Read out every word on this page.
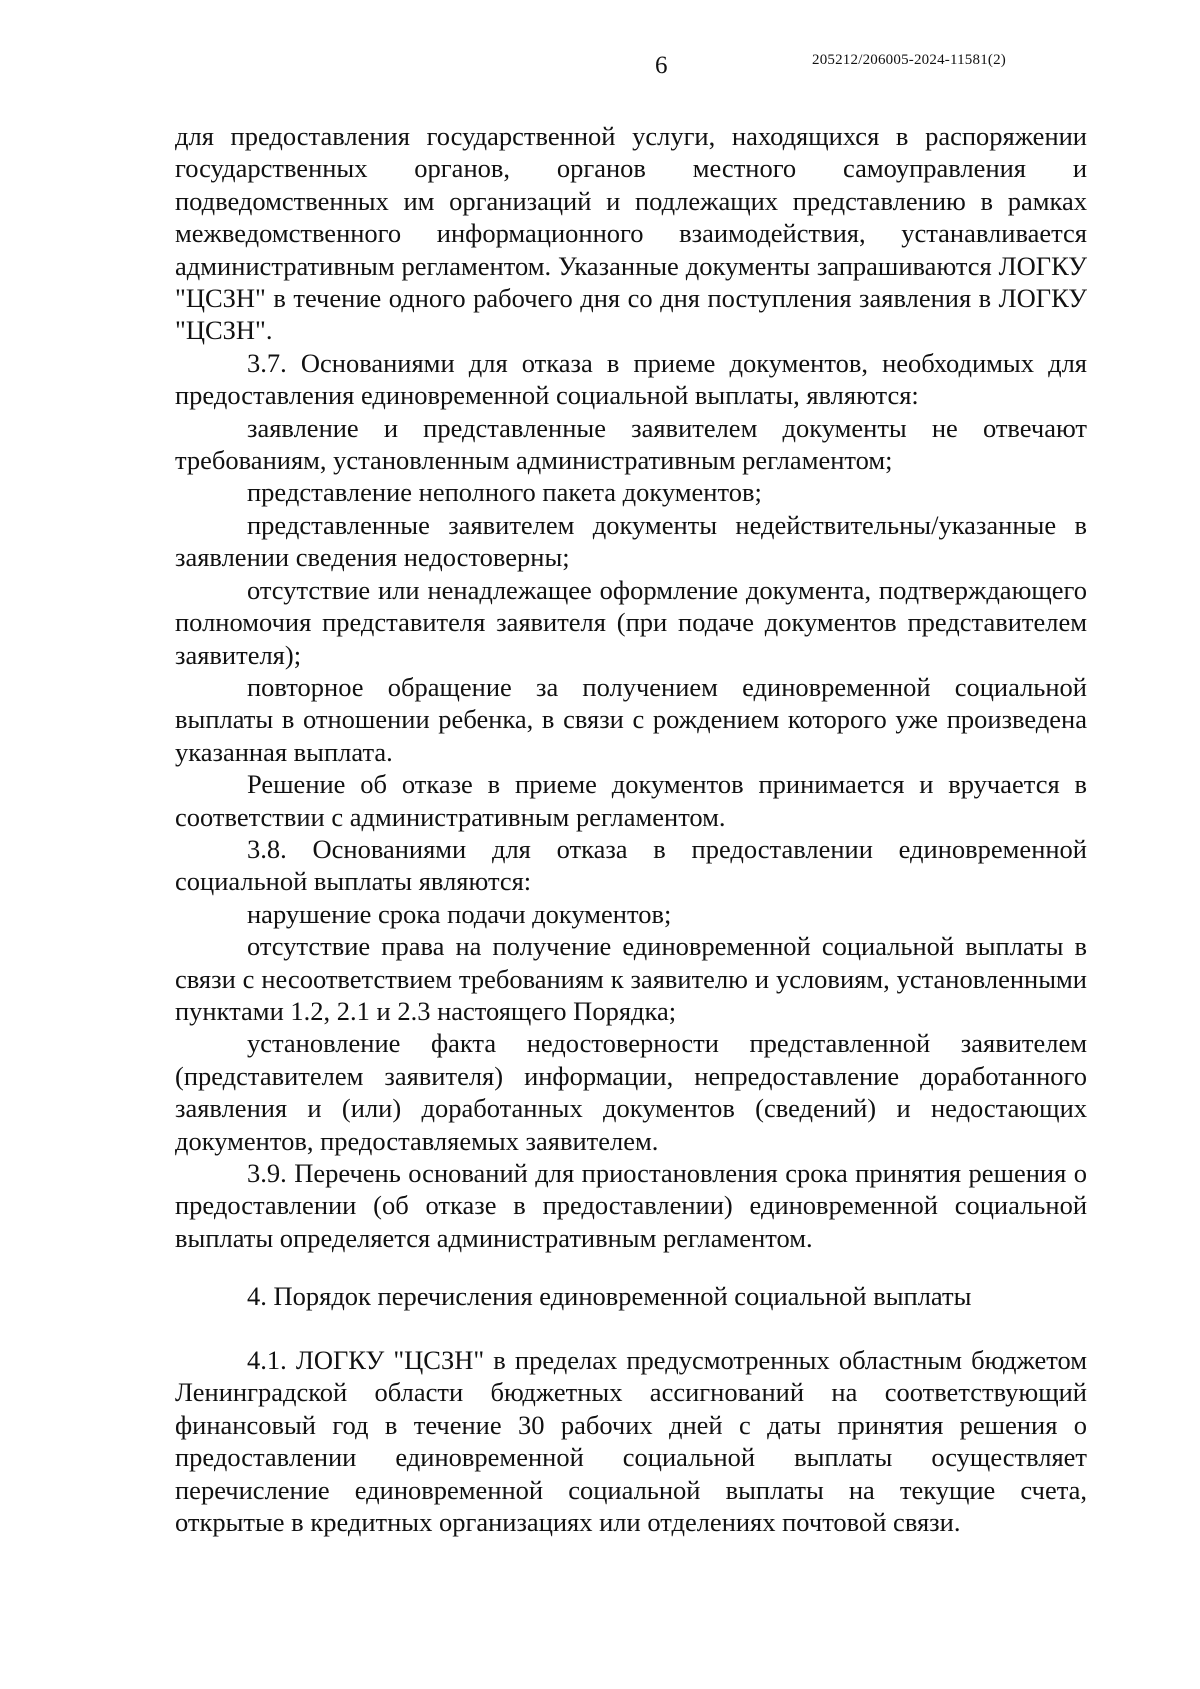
6	205212/206005-2024-11581(2)

для предоставления государственной услуги, находящихся в распоряжении государственных органов, органов местного самоуправления и подведомственных им организаций и подлежащих представлению в рамках межведомственного информационного взаимодействия, устанавливается административным регламентом. Указанные документы запрашиваются ЛОГКУ "ЦСЗН" в течение одного рабочего дня со дня поступления заявления в ЛОГКУ "ЦСЗН".

3.7. Основаниями для отказа в приеме документов, необходимых для предоставления единовременной социальной выплаты, являются:

заявление и представленные заявителем документы не отвечают требованиям, установленным административным регламентом;

представление неполного пакета документов;

представленные заявителем документы недействительны/указанные в заявлении сведения недостоверны;

отсутствие или ненадлежащее оформление документа, подтверждающего полномочия представителя заявителя (при подаче документов представителем заявителя);

повторное обращение за получением единовременной социальной выплаты в отношении ребенка, в связи с рождением которого уже произведена указанная выплата.

Решение об отказе в приеме документов принимается и вручается в соответствии с административным регламентом.

3.8. Основаниями для отказа в предоставлении единовременной социальной выплаты являются:

нарушение срока подачи документов;

отсутствие права на получение единовременной социальной выплаты в связи с несоответствием требованиям к заявителю и условиям, установленными пунктами 1.2, 2.1 и 2.3 настоящего Порядка;

установление факта недостоверности представленной заявителем (представителем заявителя) информации, непредоставление доработанного заявления и (или) доработанных документов (сведений) и недостающих документов, предоставляемых заявителем.

3.9. Перечень оснований для приостановления срока принятия решения о предоставлении (об отказе в предоставлении) единовременной социальной выплаты определяется административным регламентом.

4. Порядок перечисления единовременной социальной выплаты

4.1. ЛОГКУ "ЦСЗН" в пределах предусмотренных областным бюджетом Ленинградской области бюджетных ассигнований на соответствующий финансовый год в течение 30 рабочих дней с даты принятия решения о предоставлении единовременной социальной выплаты осуществляет перечисление единовременной социальной выплаты на текущие счета, открытые в кредитных организациях или отделениях почтовой связи.
